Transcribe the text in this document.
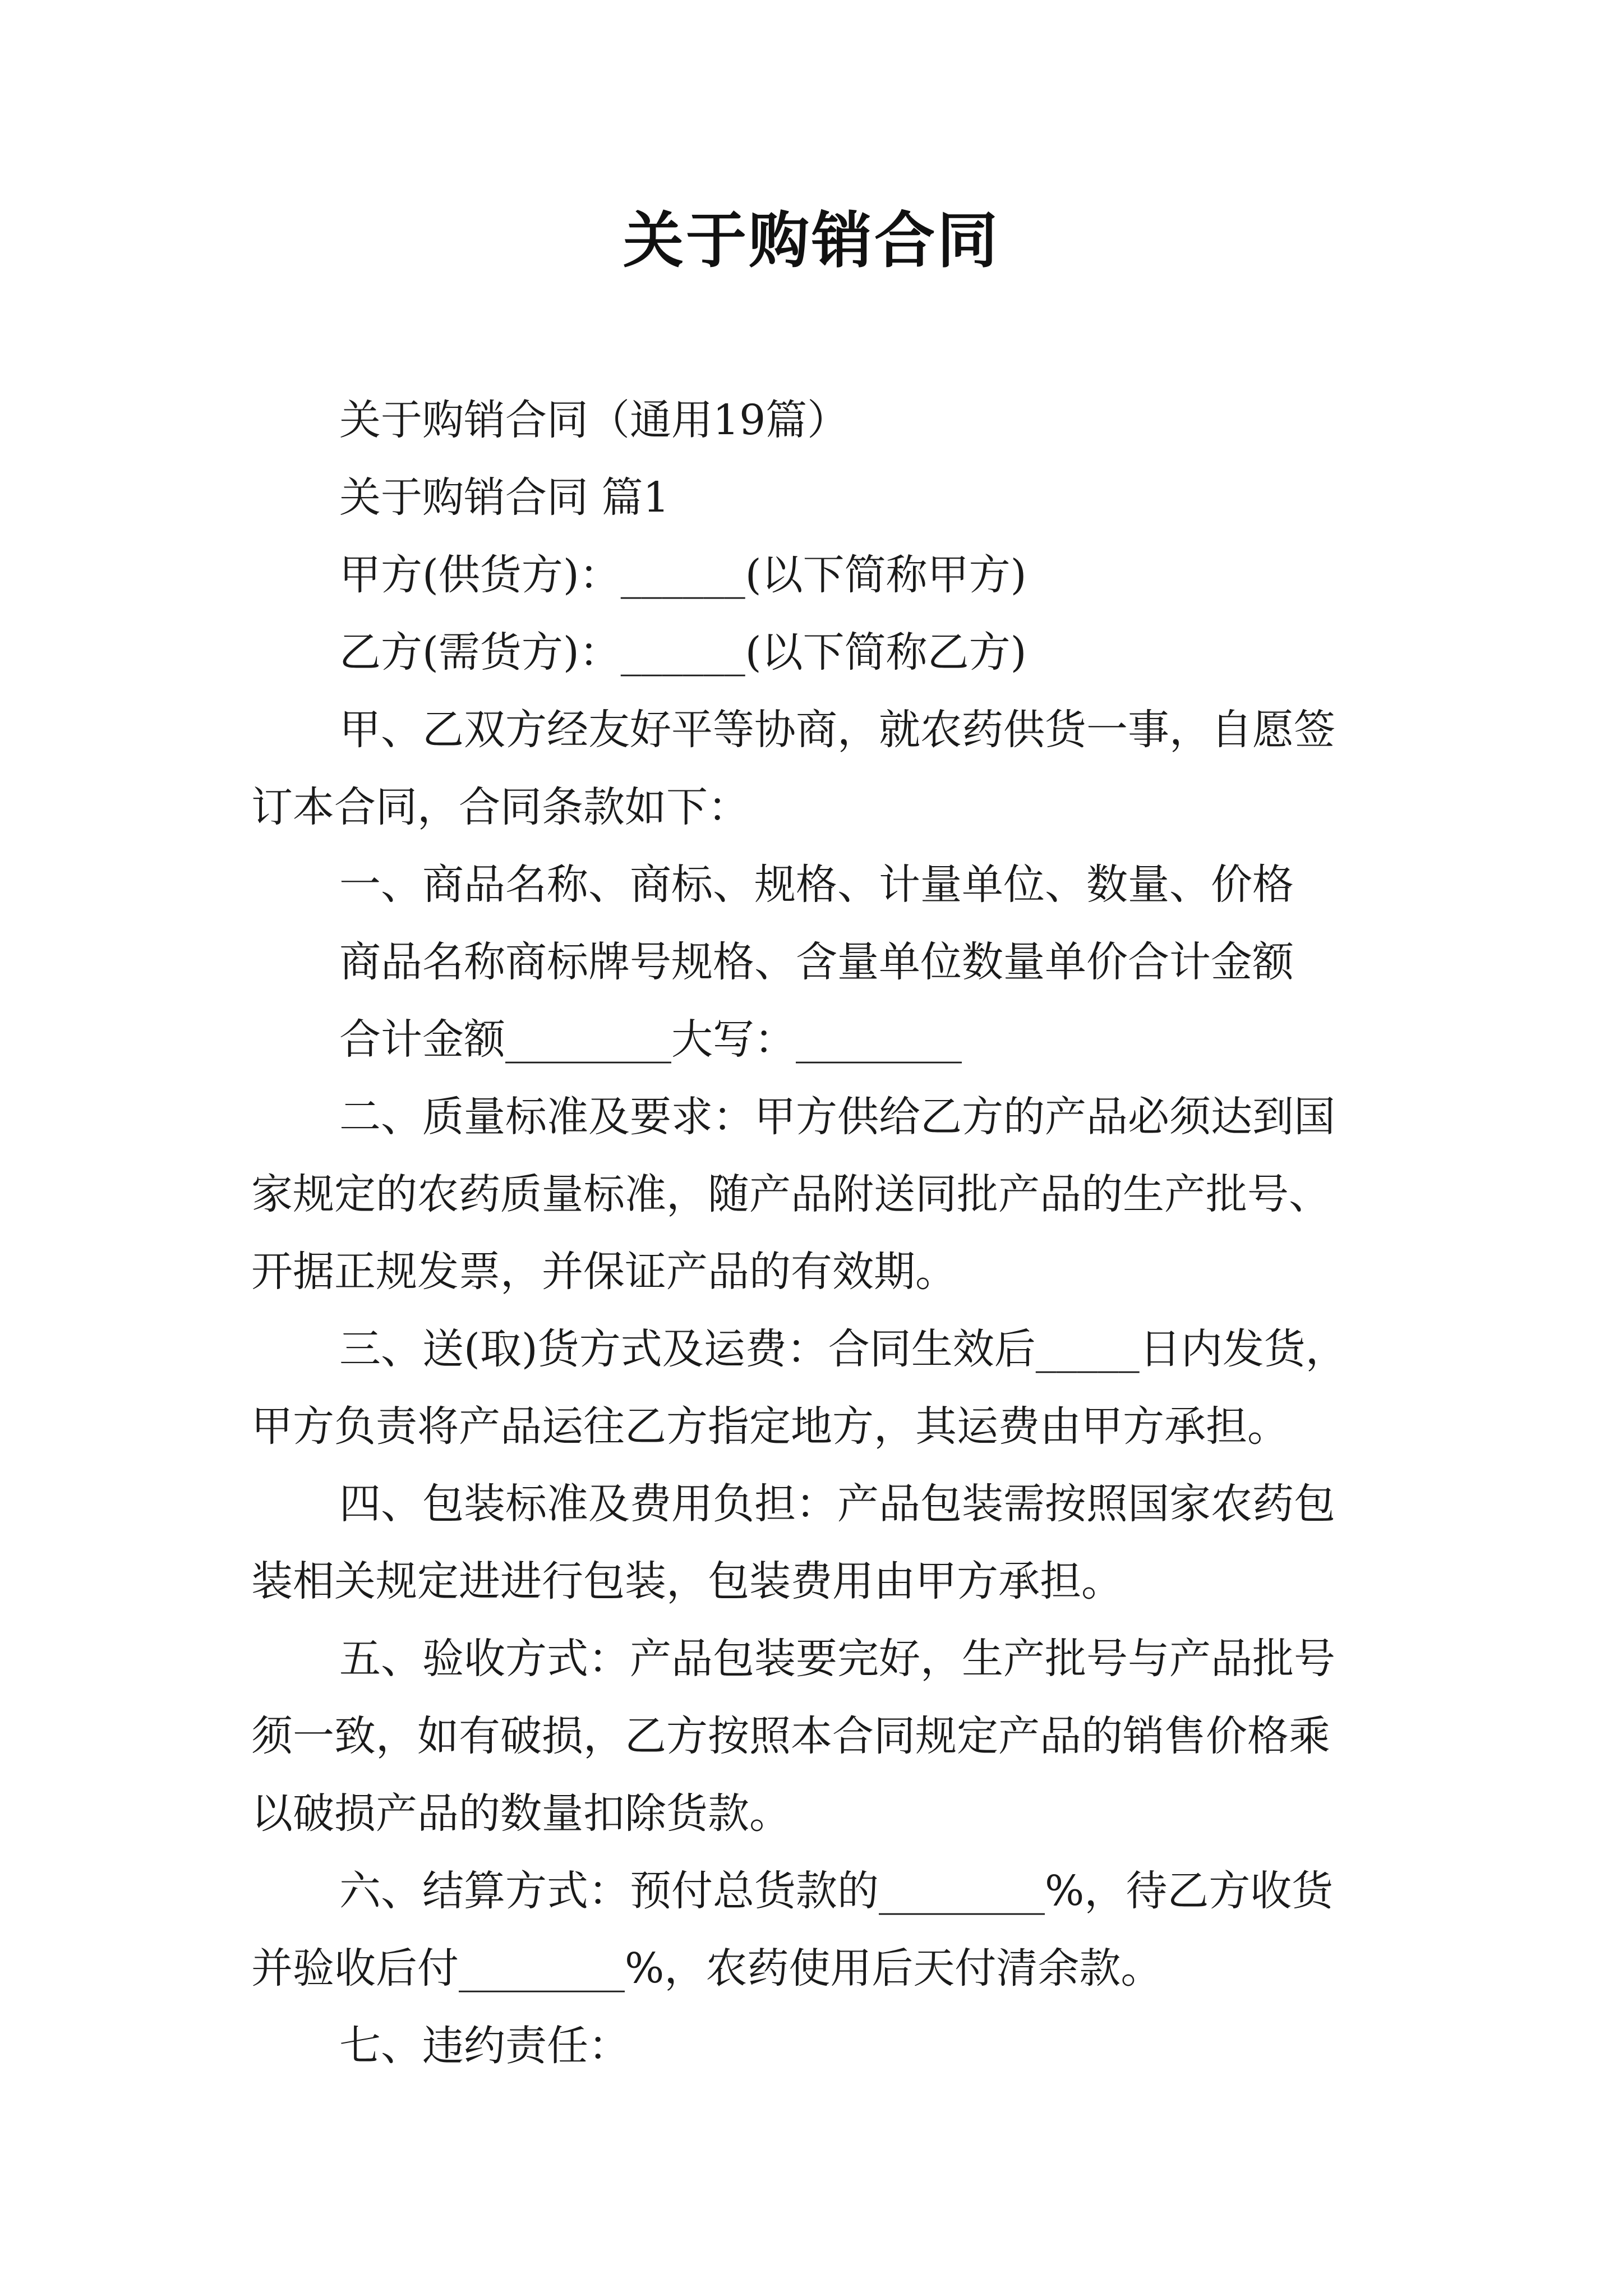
关于购销合同

关于购销合同（通用19篇）

关于购销合同 篇1

甲方(供货方)：______(以下简称甲方)

乙方(需货方)：______(以下简称乙方)

甲、乙双方经友好平等协商，就农药供货一事，自愿签

订本合同，合同条款如下：

一、商品名称、商标、规格、计量单位、数量、价格

商品名称商标牌号规格、含量单位数量单价合计金额

合计金额________大写：________

二、质量标准及要求：甲方供给乙方的产品必须达到国

家规定的农药质量标准，随产品附送同批产品的生产批号、

开据正规发票，并保证产品的有效期。

三、送(取)货方式及运费：合同生效后_____日内发货，

甲方负责将产品运往乙方指定地方，其运费由甲方承担。

四、包装标准及费用负担：产品包装需按照国家农药包

装相关规定进进行包装，包装费用由甲方承担。

五、验收方式：产品包装要完好，生产批号与产品批号

须一致，如有破损，乙方按照本合同规定产品的销售价格乘

以破损产品的数量扣除货款。

六、结算方式：预付总货款的________%，待乙方收货

并验收后付________%，农药使用后天付清余款。

七、违约责任：
